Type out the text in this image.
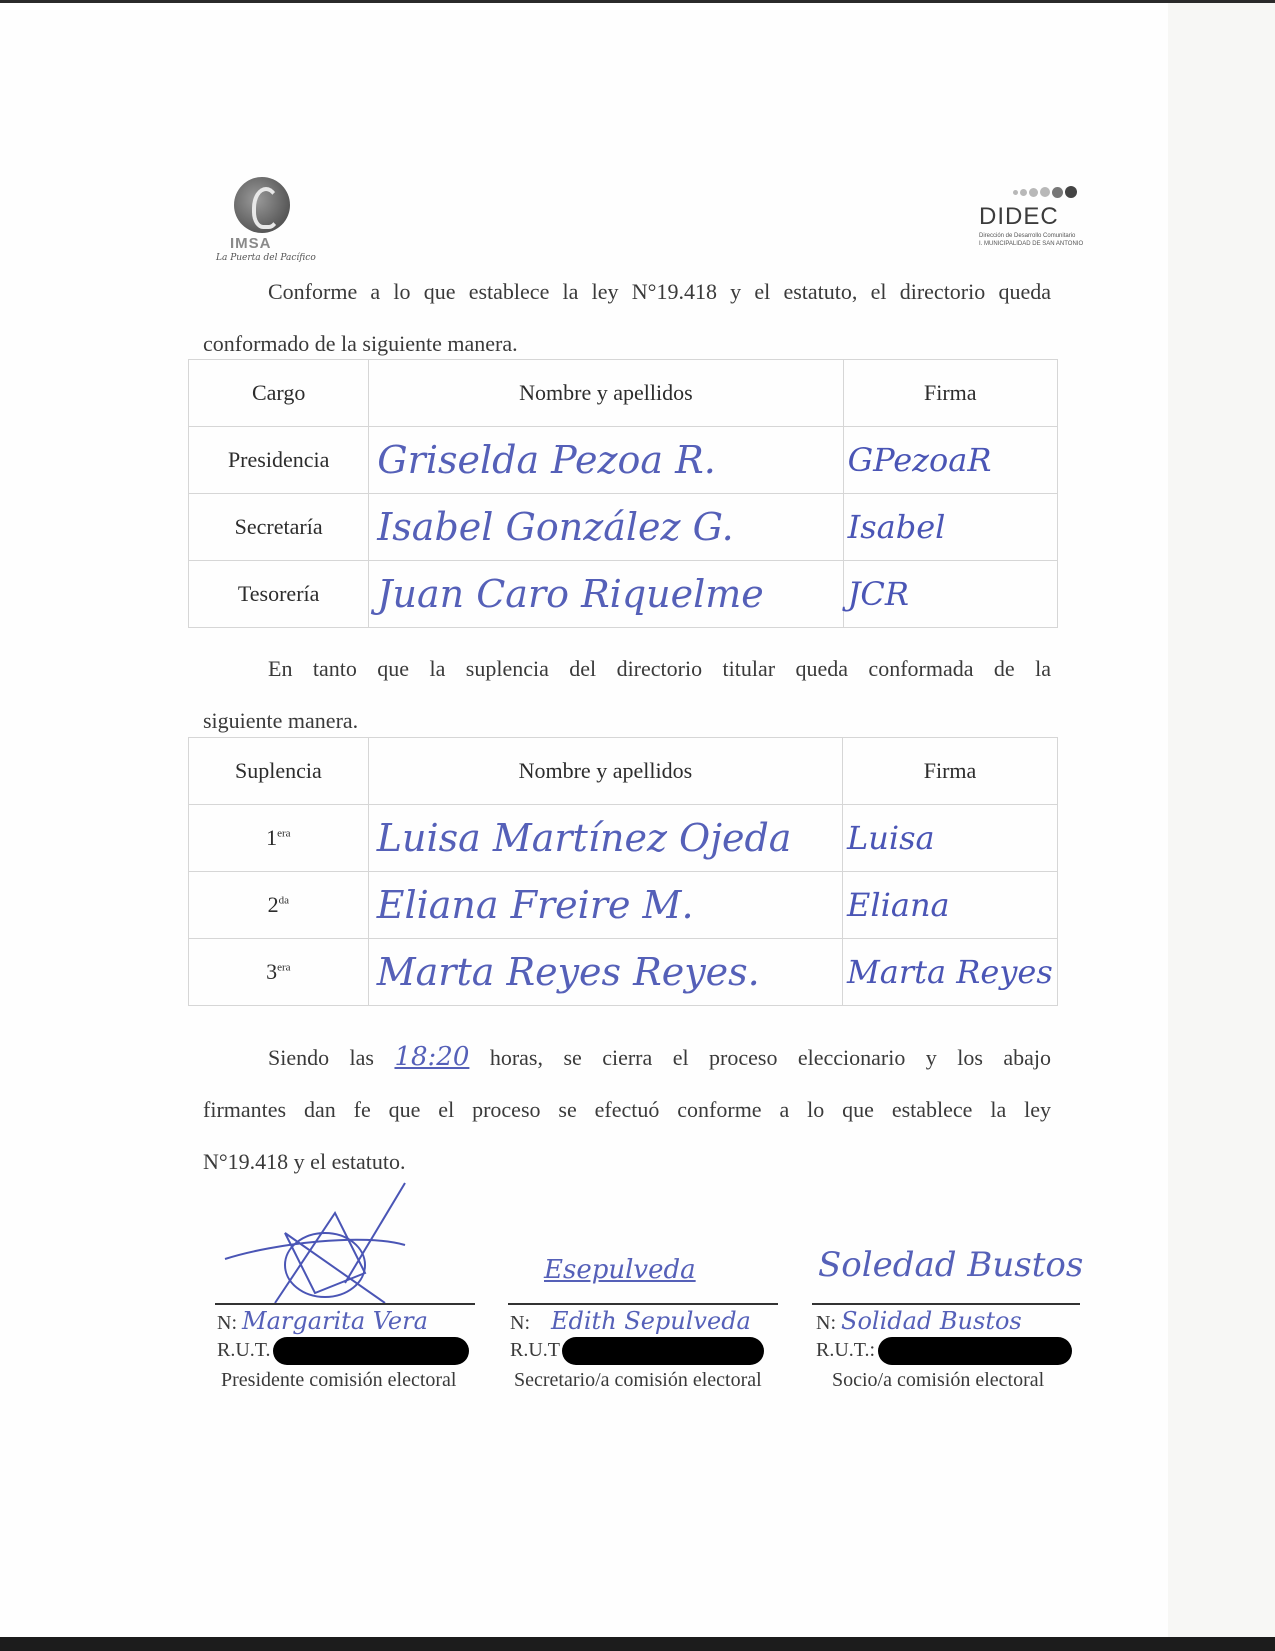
IMSA
La Puerta del Pacífico
DIDEC
Dirección de Desarrollo Comunitario
I. MUNICIPALIDAD DE SAN ANTONIO
Conforme a lo que establece la ley N°19.418 y el estatuto, el directorio queda
conformado de la siguiente manera.
Cargo	Nombre y apellidos	Firma
Presidencia	Griselda Pezoa R.	GPezoaR
Secretaría	Isabel González G.	Isabel
Tesorería	Juan Caro Riquelme	JCR
En tanto que la suplencia del directorio titular queda conformada de la
siguiente manera.
Suplencia	Nombre y apellidos	Firma
$1^{era}$	Luisa Martínez Ojeda	Luisa
$2^{da}$	Eliana Freire M.	Eliana
$3^{era}$	Marta Reyes Reyes.	Marta Reyes
Siendo las 18:20 horas, se cierra el proceso eleccionario y los abajo
firmantes dan fe que el proceso se efectuó conforme a lo que establece la ley
N°19.418 y el estatuto.
N: Margarita Vera
R.U.T.
Presidente comisión electoral
Esepulveda
N: Edith Sepulveda
R.U.T
Secretario/a comisión electoral
Soledad Bustos
N: Solidad Bustos
R.U.T.:
Socio/a comisión electoral
